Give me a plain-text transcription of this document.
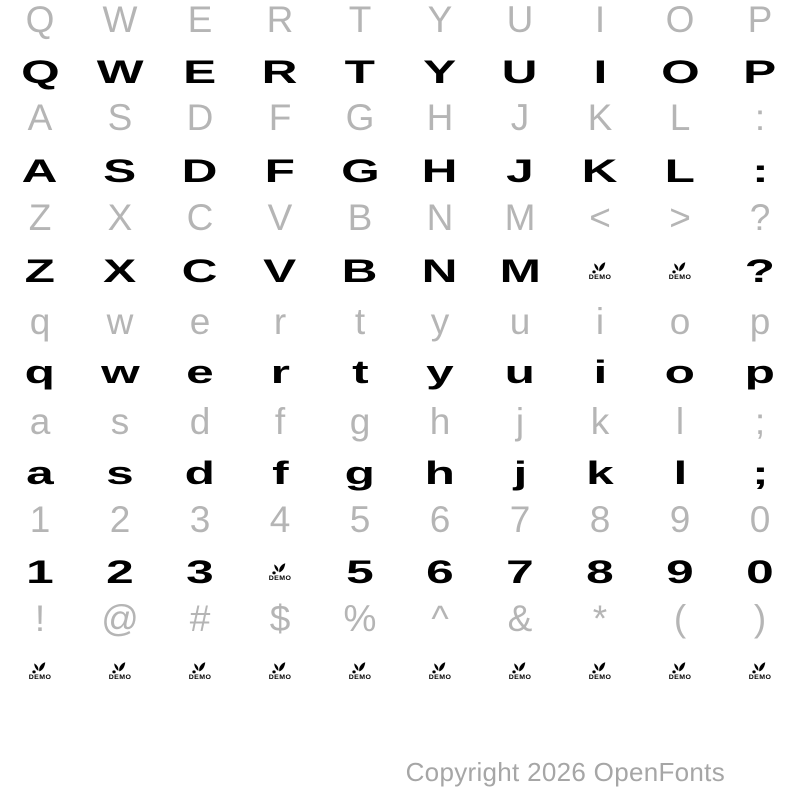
Q W E R T Y U I O P
Q W E R T Y U I O P
A S D F G H J K L :
A S D F G H J K L :
Z X C V B N M < > ?
Z X C V B N M	DEMO	DEMO ?
q w e r t y u i o p
q w e r t y u i o p
a s d f g h j k l ;
a s d f g h j k l ;
1 2 3 4 5 6 7 8 9 0
1 2 3	DEMO 5 6 7 8 9 0
! @ # $ % ^ & * ( )
DEMO	DEMO	DEMO	DEMO	DEMO	DEMO	DEMO	DEMO	DEMO	DEMO
Copyright 2026 OpenFonts
